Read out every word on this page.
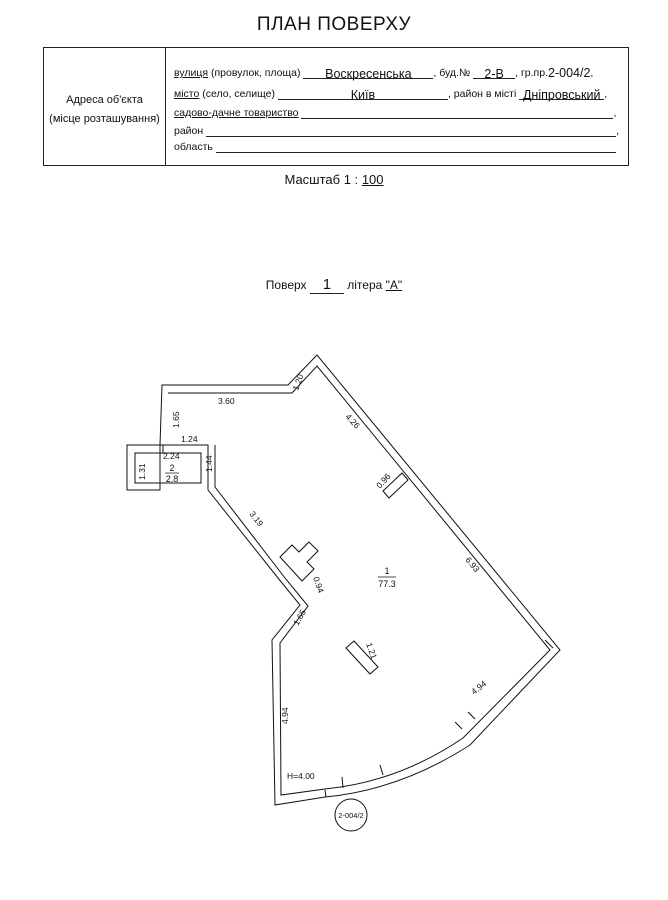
ПЛАН ПОВЕРХУ
Адреса об'єкта
(місце розташування)
вулиця (провулок, площа) Воскресенська , буд.№ 2-В , гр.пр.2-004/2,
місто (село, селище)	Київ	, район в місті Дніпровський ,
садово-дачне товариство	,
район	,
область
Масштаб 1 : 100
Поверх 1 літера "А"
3.60
1.20
1.65	4.26
0.96
6.93
1.24
2.24
1.31	1.44
3.19
0.94
1.65
1.21
4.94
4.94
1
77.3
2
2.8
H=4.00
2-004/2
